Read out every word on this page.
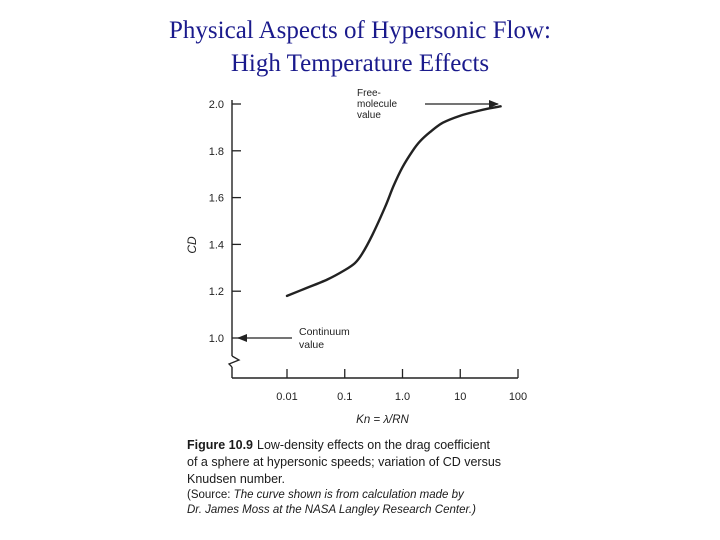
Physical Aspects of Hypersonic Flow:
High Temperature Effects
1.0
1.2
1.4
1.6
1.8
2.0
0.01	0.1	1.0	10	100
CD
Kn = λ/RN
Free-
molecule
value
Continuum
value

Figure 10.9 Low-density effects on the drag coefficient

of a sphere at hypersonic speeds; variation of CD versus

Knudsen number.

(Source: The curve shown is from calculation made by

Dr. James Moss at the NASA Langley Research Center.)
